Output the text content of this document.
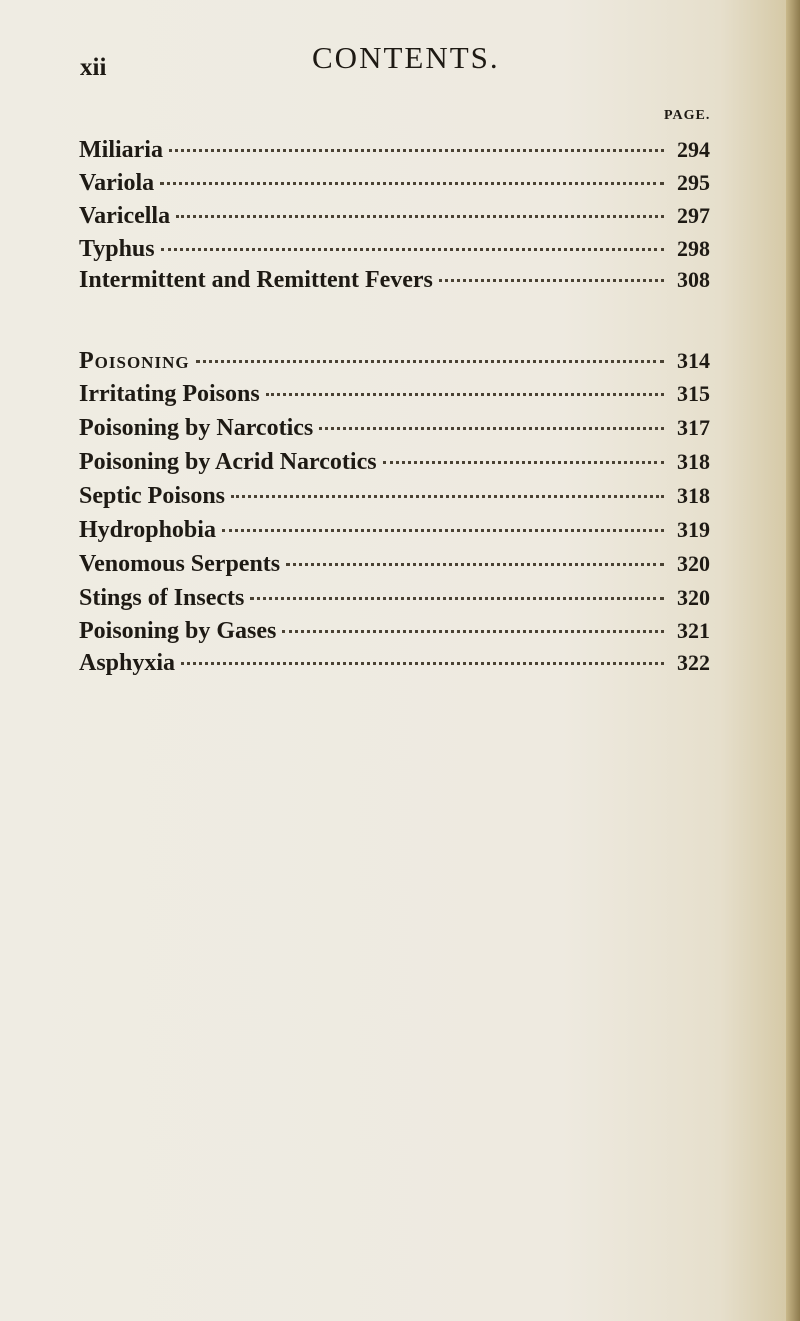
xii	CONTENTS.
PAGE.
Miliaria	294
Variola	295
Varicella	297
Typhus	298
Intermittent and Remittent Fevers	308
Poisoning	314
Irritating Poisons	315
Poisoning by Narcotics	317
Poisoning by Acrid Narcotics	318
Septic Poisons	318
Hydrophobia	319
Venomous Serpents	320
Stings of Insects	320
Poisoning by Gases	321
Asphyxia	322
